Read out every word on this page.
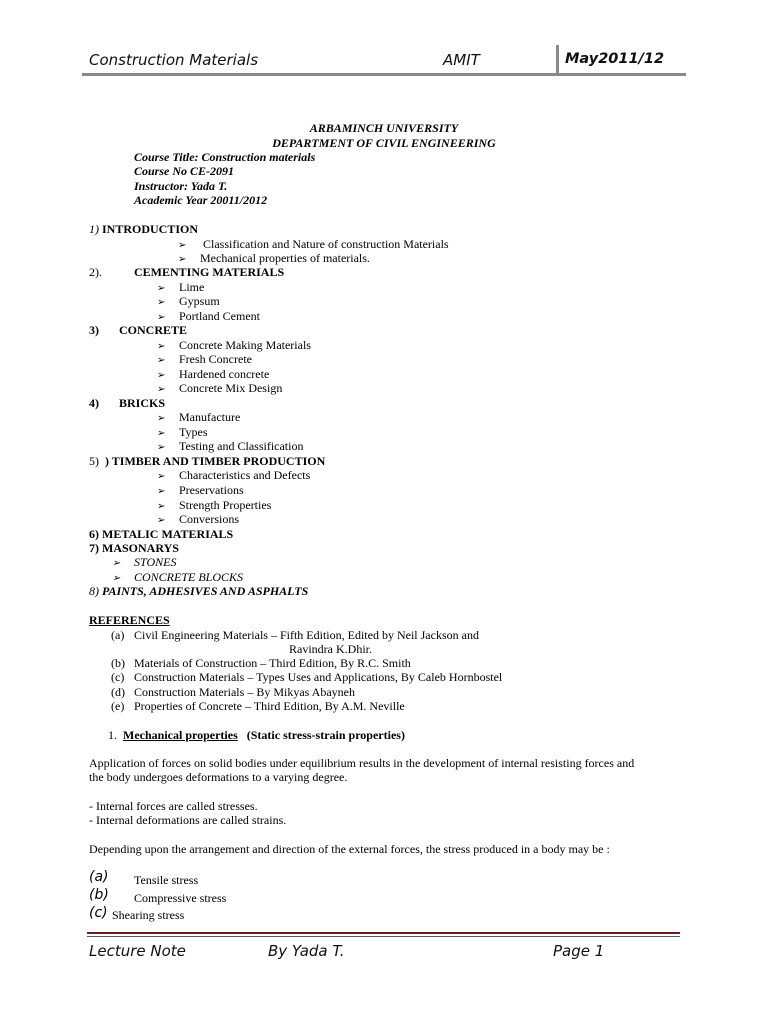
Construction Materials	AMIT	May2011/12
ARBAMINCH UNIVERSITY
DEPARTMENT OF CIVIL ENGINEERING
Course Title: Construction materials
Course No CE-2091
Instructor: Yada T.
Academic Year 20011/2012
1) INTRODUCTION
➢ Classification and Nature of construction Materials
➢ Mechanical properties of materials.
2).	CEMENTING MATERIALS
➢ Lime
➢ Gypsum
➢ Portland Cement
3) CONCRETE
➢ Concrete Making Materials
➢ Fresh Concrete
➢ Hardened concrete
➢ Concrete Mix Design
4) BRICKS
➢ Manufacture
➢ Types
➢ Testing and Classification
5) ) TIMBER AND TIMBER PRODUCTION
➢ Characteristics and Defects
➢ Preservations
➢ Strength Properties
➢ Conversions
6) METALIC MATERIALS
7) MASONARYS
➢ STONES
➢ CONCRETE BLOCKS
8) PAINTS, ADHESIVES AND ASPHALTS
REFERENCES
(a) Civil Engineering Materials – Fifth Edition, Edited by Neil Jackson and
Ravindra K.Dhir.
(b) Materials of Construction – Third Edition, By R.C. Smith
(c) Construction Materials – Types Uses and Applications, By Caleb Hornbostel
(d) Construction Materials – By Mikyas Abayneh
(e) Properties of Concrete – Third Edition, By A.M. Neville
1. Mechanical properties (Static stress-strain properties)
Application of forces on solid bodies under equilibrium results in the development of internal resisting forces and
the body undergoes deformations to a varying degree.
- Internal forces are called stresses.
- Internal deformations are called strains.
Depending upon the arrangement and direction of the external forces, the stress produced in a body may be :
(a) Tensile stress
(b) Compressive stress
(c) Shearing stress
Lecture Note	By Yada T.	Page 1
